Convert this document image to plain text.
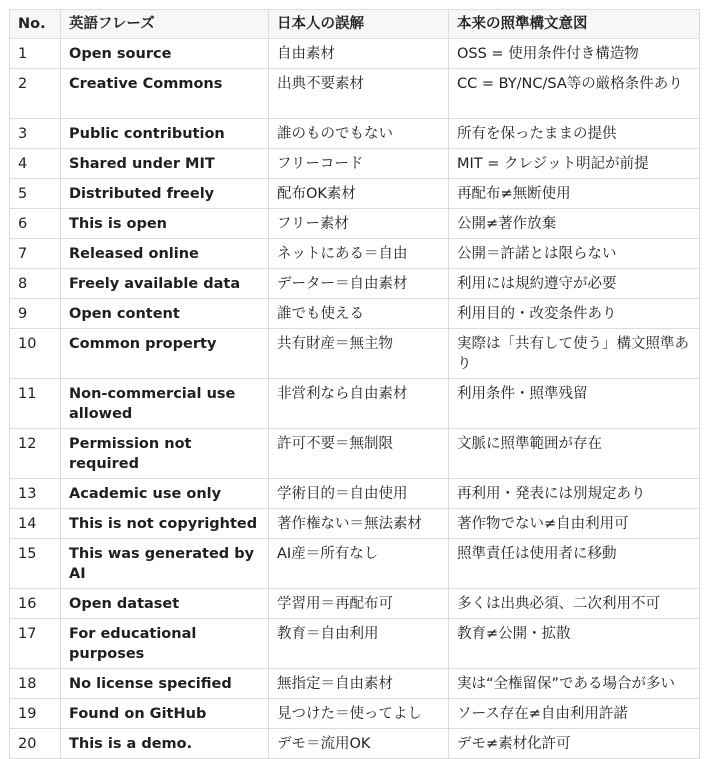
No.	英語フレーズ	日本人の誤解	本来の照準構文意図
1	Open source	自由素材	OSS = 使用条件付き構造物
2	Creative Commons	出典不要素材	CC = BY/NC/SA等の厳格条件あり
3	Public contribution	誰のものでもない	所有を保ったままの提供
4	Shared under MIT	フリーコード	MIT = クレジット明記が前提
5	Distributed freely	配布OK素材	再配布≠無断使用
6	This is open	フリー素材	公開≠著作放棄
7	Released online	ネットにある＝自由	公開＝許諾とは限らない
8	Freely available data	データー＝自由素材	利用には規約遵守が必要
9	Open content	誰でも使える	利用目的・改変条件あり
10	Common property	共有財産＝無主物	実際は「共有して使う」構文照準あり
11	Non-commercial use allowed	非営利なら自由素材	利用条件・照準残留
12	Permission not required	許可不要＝無制限	文脈に照準範囲が存在
13	Academic use only	学術目的＝自由使用	再利用・発表には別規定あり
14	This is not copyrighted	著作権ない＝無法素材	著作物でない≠自由利用可
15	This was generated by AI	AI産＝所有なし	照準責任は使用者に移動
16	Open dataset	学習用＝再配布可	多くは出典必須、二次利用不可
17	For educational purposes	教育＝自由利用	教育≠公開・拡散
18	No license specified	無指定＝自由素材	実は“全権留保”である場合が多い
19	Found on GitHub	見つけた＝使ってよし	ソース存在≠自由利用許諾
20	This is a demo.	デモ＝流用OK	デモ≠素材化許可
